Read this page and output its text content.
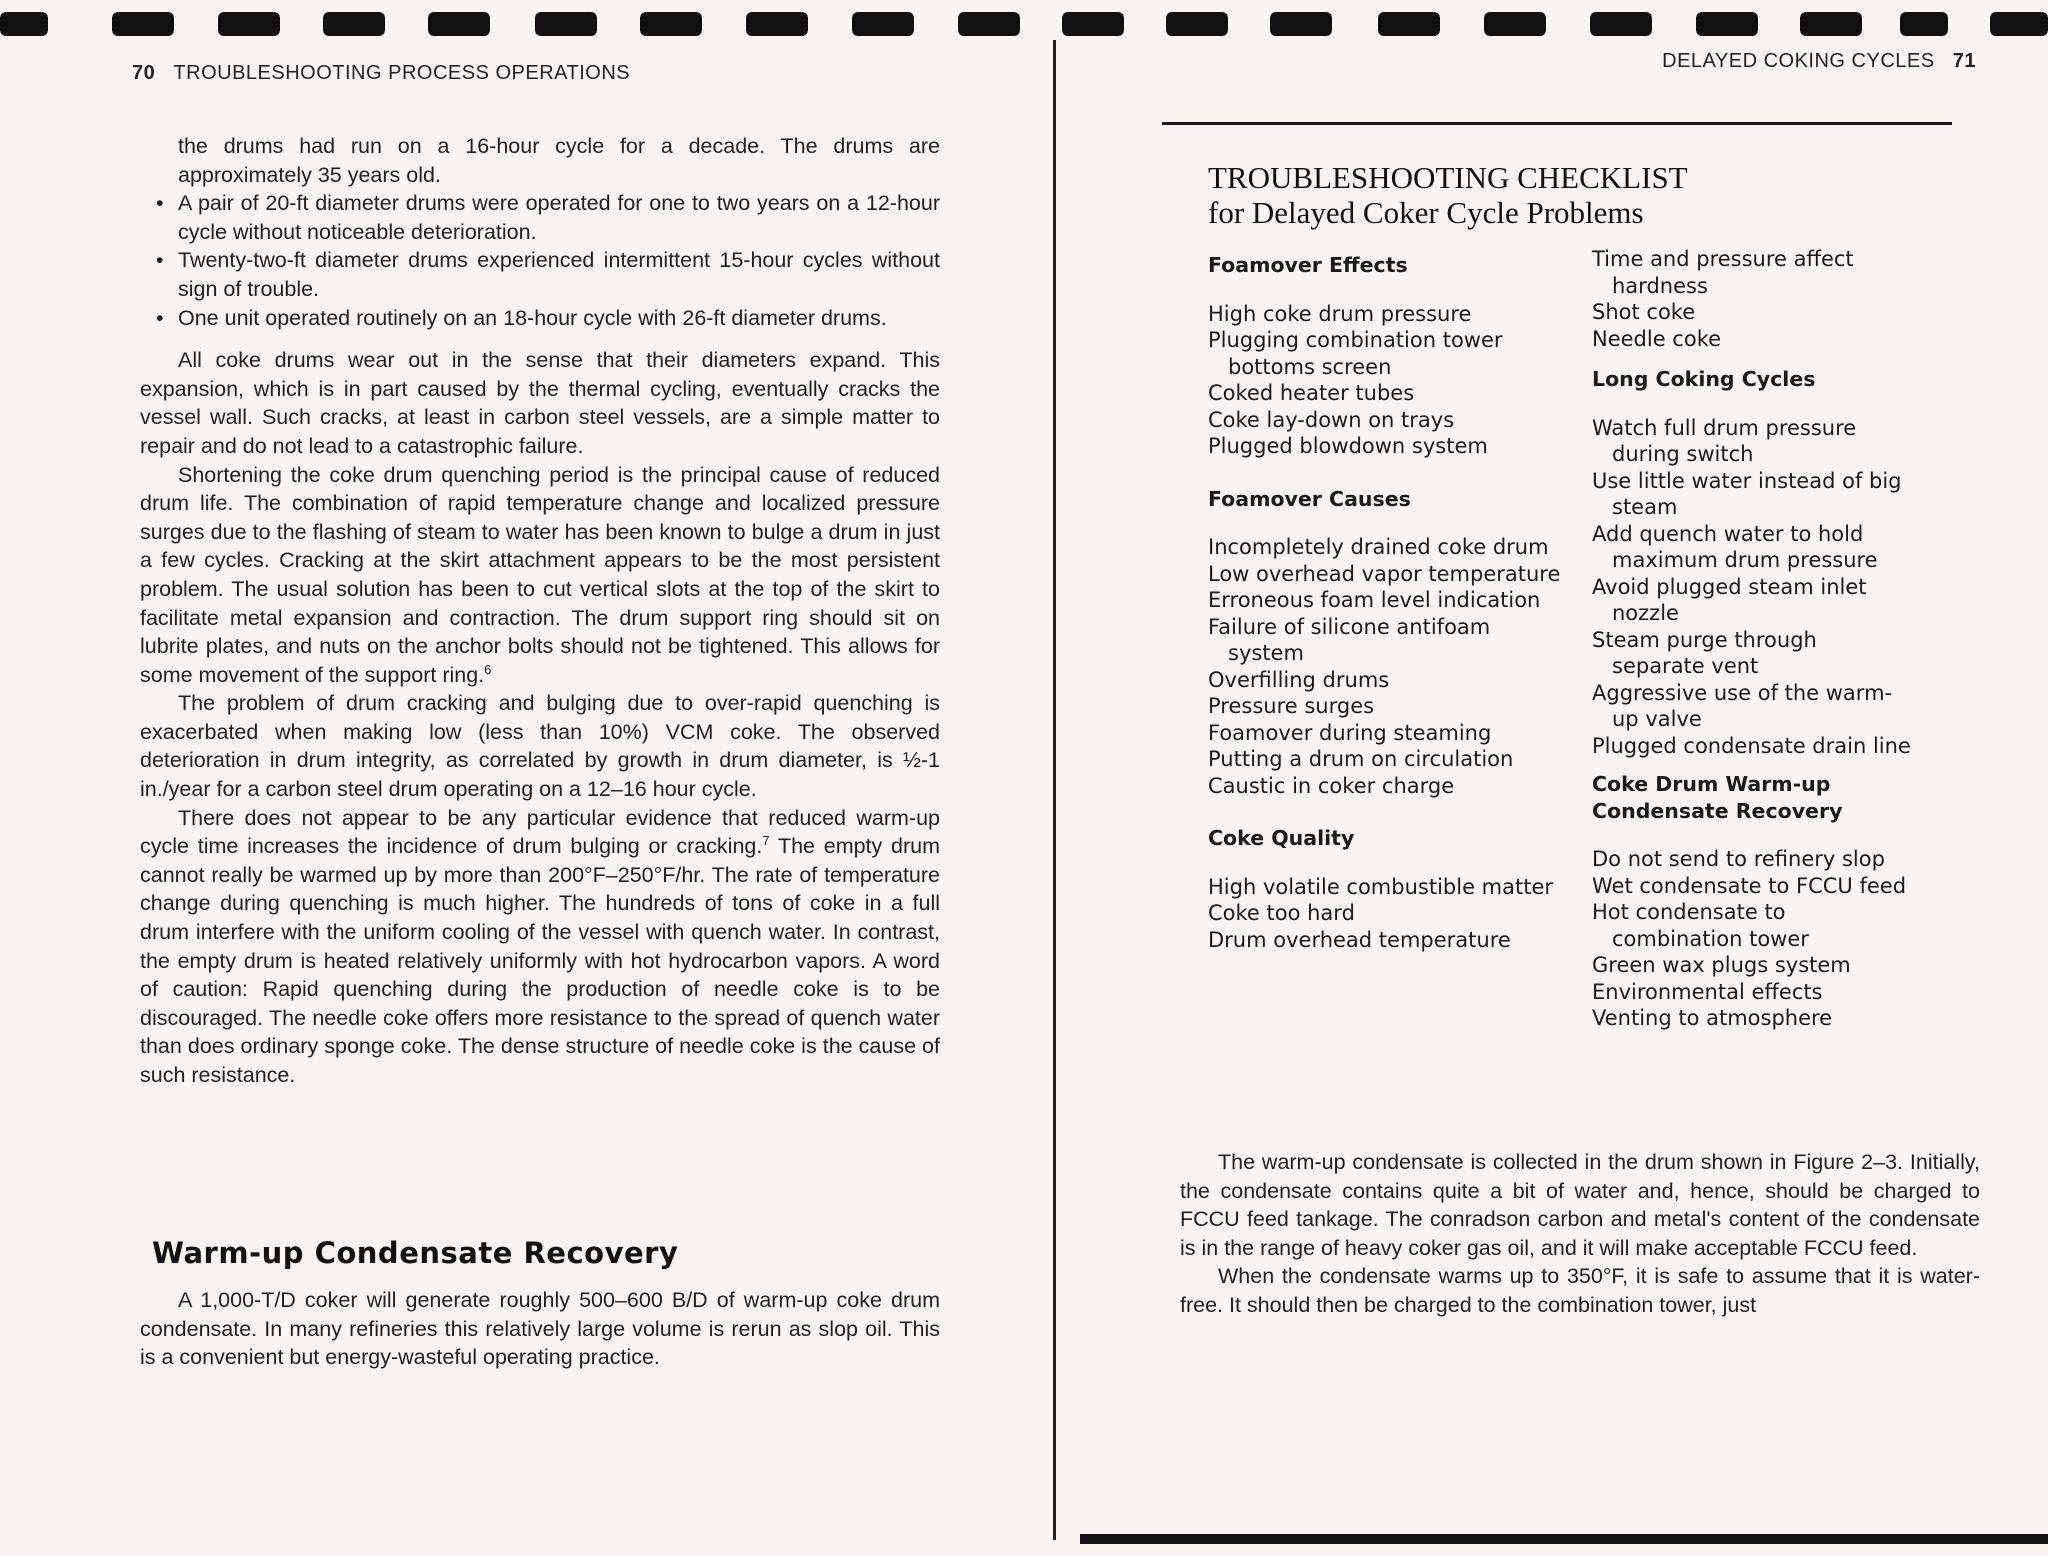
70 TROUBLESHOOTING PROCESS OPERATIONS

the drums had run on a 16-hour cycle for a decade. The drums are approximately 35 years old.

• A pair of 20-ft diameter drums were operated for one to two years on a 12-hour cycle without noticeable deterioration.
• Twenty-two-ft diameter drums experienced intermittent 15-hour cycles without sign of trouble.
• One unit operated routinely on an 18-hour cycle with 26-ft diameter drums.

All coke drums wear out in the sense that their diameters expand. This expansion, which is in part caused by the thermal cycling, eventually cracks the vessel wall. Such cracks, at least in carbon steel vessels, are a simple matter to repair and do not lead to a catastrophic failure.

Shortening the coke drum quenching period is the principal cause of reduced drum life. The combination of rapid temperature change and localized pressure surges due to the flashing of steam to water has been known to bulge a drum in just a few cycles. Cracking at the skirt attachment appears to be the most persistent problem. The usual solution has been to cut vertical slots at the top of the skirt to facilitate metal expansion and contraction. The drum support ring should sit on lubrite plates, and nuts on the anchor bolts should not be tightened. This allows for some movement of the support ring.$^6$

The problem of drum cracking and bulging due to over-rapid quenching is exacerbated when making low (less than 10%) VCM coke. The observed deterioration in drum integrity, as correlated by growth in drum diameter, is ½-1 in./year for a carbon steel drum operating on a 12–16 hour cycle.

There does not appear to be any particular evidence that reduced warm-up cycle time increases the incidence of drum bulging or cracking.$^7$ The empty drum cannot really be warmed up by more than 200°F–250°F/hr. The rate of temperature change during quenching is much higher. The hundreds of tons of coke in a full drum interfere with the uniform cooling of the vessel with quench water. In contrast, the empty drum is heated relatively uniformly with hot hydrocarbon vapors. A word of caution: Rapid quenching during the production of needle coke is to be discouraged. The needle coke offers more resistance to the spread of quench water than does ordinary sponge coke. The dense structure of needle coke is the cause of such resistance.

Warm-up Condensate Recovery

A 1,000-T/D coker will generate roughly 500–600 B/D of warm-up coke drum condensate. In many refineries this relatively large volume is rerun as slop oil. This is a convenient but energy-wasteful operating practice.

DELAYED COKING CYCLES 71
TROUBLESHOOTING CHECKLIST
for Delayed Coker Cycle Problems
Foamover Effects
High coke drum pressure
Plugging combination tower bottoms screen
Coked heater tubes
Coke lay-down on trays
Plugged blowdown system
Foamover Causes
Incompletely drained coke drum
Low overhead vapor temperature
Erroneous foam level indication
Failure of silicone antifoam system
Overfilling drums
Pressure surges
Foamover during steaming
Putting a drum on circulation
Caustic in coker charge
Coke Quality
High volatile combustible matter
Coke too hard
Drum overhead temperature
Time and pressure affect hardness
Shot coke
Needle coke
Long Coking Cycles
Watch full drum pressure during switch
Use little water instead of big steam
Add quench water to hold maximum drum pressure
Avoid plugged steam inlet nozzle
Steam purge through separate vent
Aggressive use of the warm-up valve
Plugged condensate drain line
Coke Drum Warm-up Condensate Recovery
Do not send to refinery slop
Wet condensate to FCCU feed
Hot condensate to combination tower
Green wax plugs system
Environmental effects
Venting to atmosphere

The warm-up condensate is collected in the drum shown in Figure 2–3. Initially, the condensate contains quite a bit of water and, hence, should be charged to FCCU feed tankage. The conradson carbon and metal's content of the condensate is in the range of heavy coker gas oil, and it will make acceptable FCCU feed.

When the condensate warms up to 350°F, it is safe to assume that it is water-free. It should then be charged to the combination tower, just
